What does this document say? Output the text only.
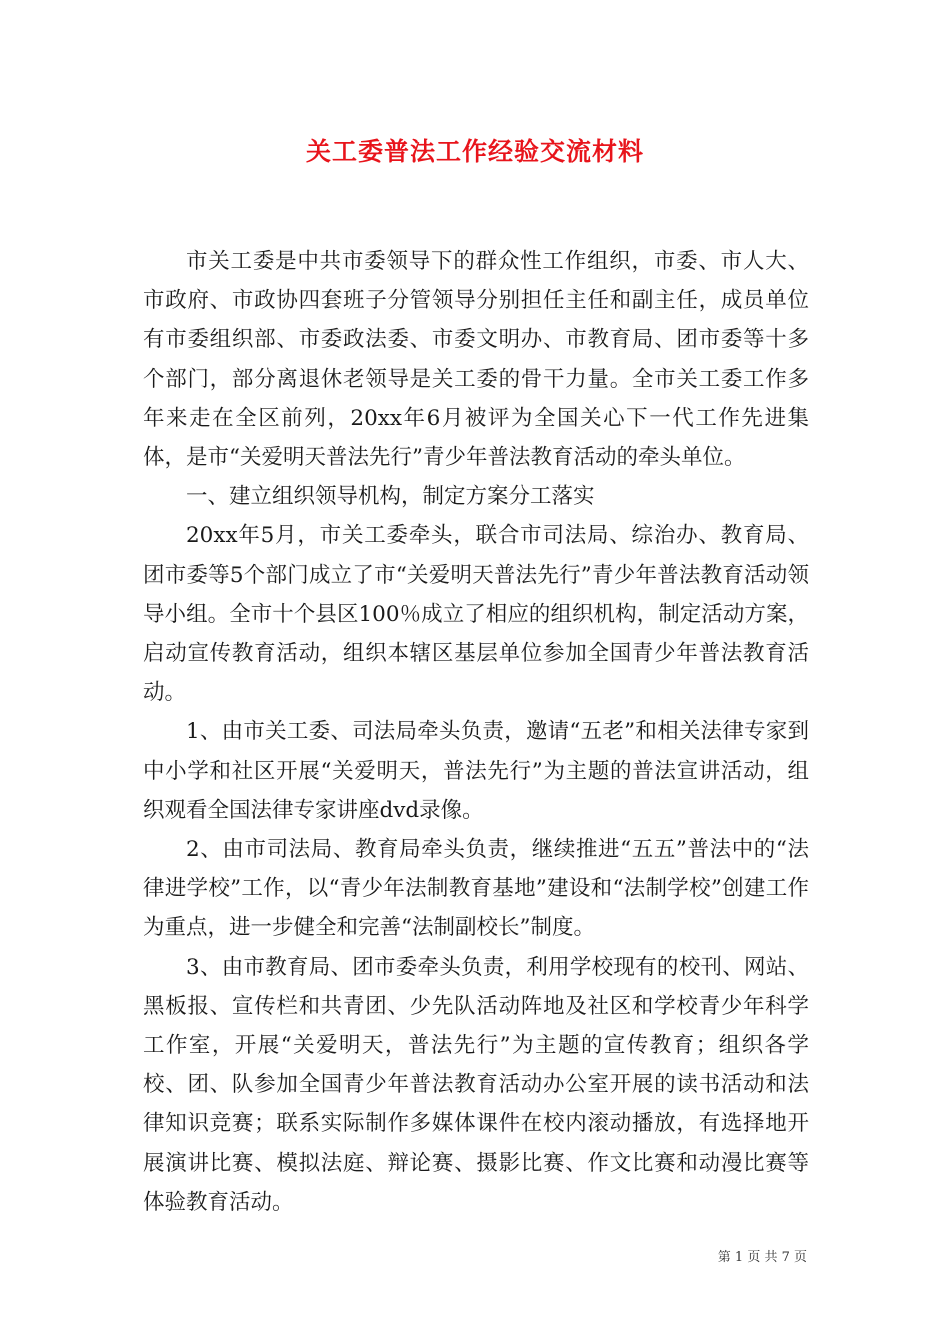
关工委普法工作经验交流材料

市关工委是中共市委领导下的群众性工作组织，市委、市人大、市政府、市政协四套班子分管领导分别担任主任和副主任，成员单位有市委组织部、市委政法委、市委文明办、市教育局、团市委等十多个部门，部分离退休老领导是关工委的骨干力量。全市关工委工作多年来走在全区前列，20xx年6月被评为全国关心下一代工作先进集体，是市“关爱明天普法先行”青少年普法教育活动的牵头单位。

一、建立组织领导机构，制定方案分工落实

20xx年5月，市关工委牵头，联合市司法局、综治办、教育局、团市委等5个部门成立了市“关爱明天普法先行”青少年普法教育活动领导小组。全市十个县区100％成立了相应的组织机构，制定活动方案，启动宣传教育活动，组织本辖区基层单位参加全国青少年普法教育活动。

1、由市关工委、司法局牵头负责，邀请“五老”和相关法律专家到中小学和社区开展“关爱明天，普法先行”为主题的普法宣讲活动，组织观看全国法律专家讲座dvd录像。

2、由市司法局、教育局牵头负责，继续推进“五五”普法中的“法律进学校”工作，以“青少年法制教育基地”建设和“法制学校”创建工作为重点，进一步健全和完善“法制副校长”制度。

3、由市教育局、团市委牵头负责，利用学校现有的校刊、网站、黑板报、宣传栏和共青团、少先队活动阵地及社区和学校青少年科学工作室，开展“关爱明天，普法先行”为主题的宣传教育；组织各学校、团、队参加全国青少年普法教育活动办公室开展的读书活动和法律知识竞赛；联系实际制作多媒体课件在校内滚动播放，有选择地开展演讲比赛、模拟法庭、辩论赛、摄影比赛、作文比赛和动漫比赛等体验教育活动。

第 1 页 共 7 页
